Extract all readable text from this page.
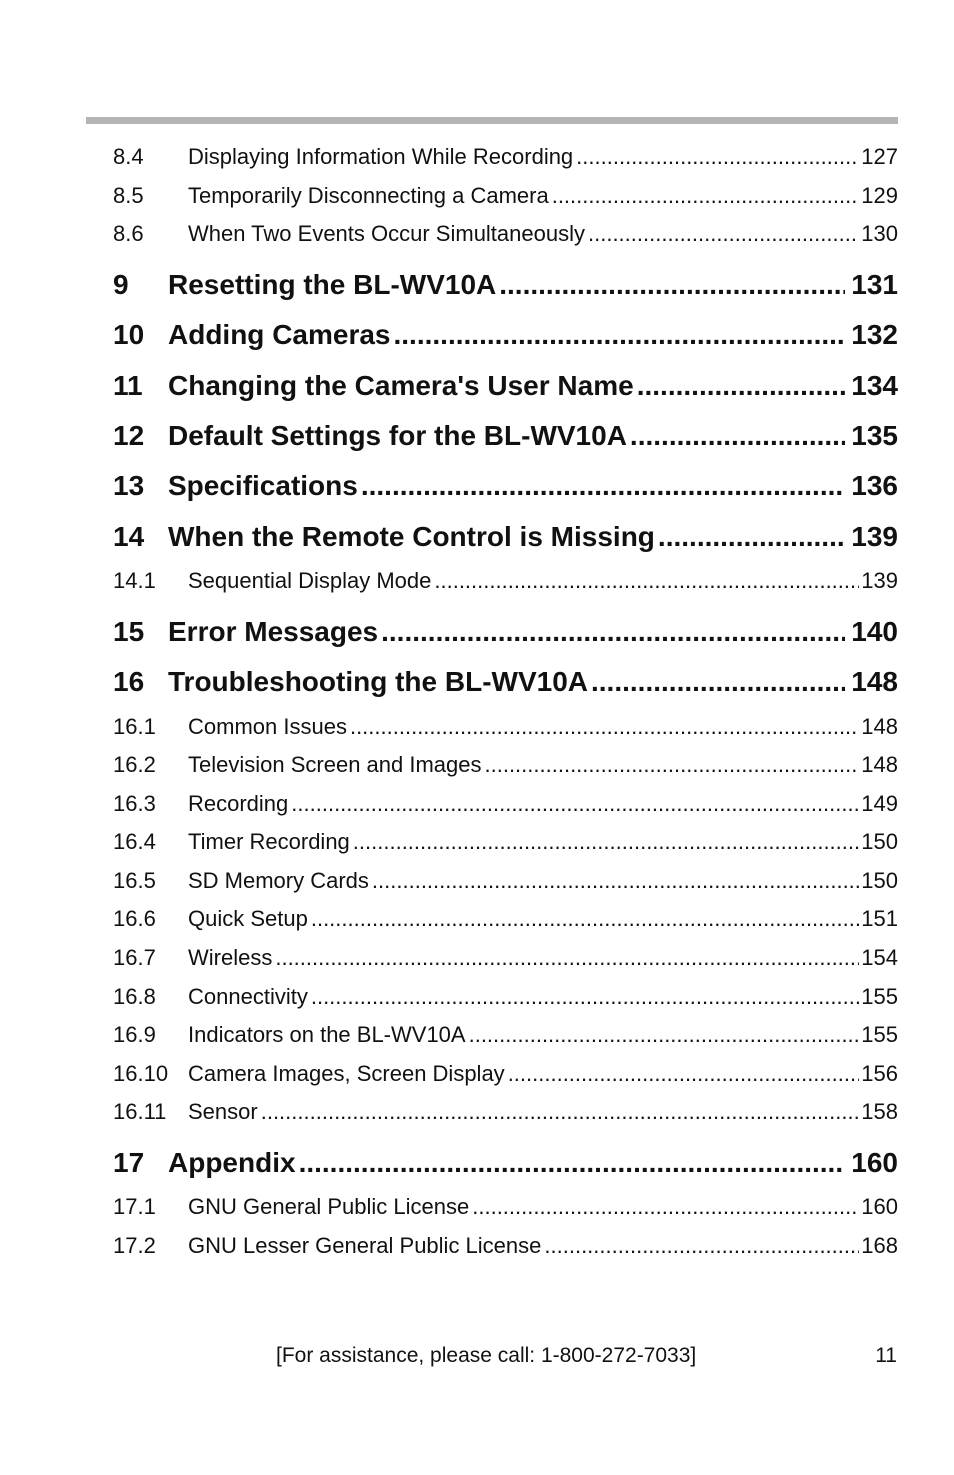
8.4	Displaying Information While Recording .....	127
8.5	Temporarily Disconnecting a Camera .....	129
8.6	When Two Events Occur Simultaneously .....	130
9	Resetting the BL-WV10A .....	131
10 Adding Cameras .....	132
11 Changing the Camera's User Name .....	134
12 Default Settings for the BL-WV10A .....	135
13 Specifications .....	136
14 When the Remote Control is Missing .....	139
14.1	Sequential Display Mode .....	139
15 Error Messages .....	140
16 Troubleshooting the BL-WV10A .....	148
16.1	Common Issues .....	148
16.2	Television Screen and Images .....	148
16.3	Recording .....	149
16.4	Timer Recording .....	150
16.5	SD Memory Cards .....	150
16.6	Quick Setup .....	151
16.7	Wireless .....	154
16.8	Connectivity .....	155
16.9	Indicators on the BL-WV10A .....	155
16.10 Camera Images, Screen Display .....	156
16.11 Sensor .....	158
17 Appendix .....	160
17.1	GNU General Public License .....	160
17.2	GNU Lesser General Public License .....	168
[For assistance, please call: 1-800-272-7033]	11
